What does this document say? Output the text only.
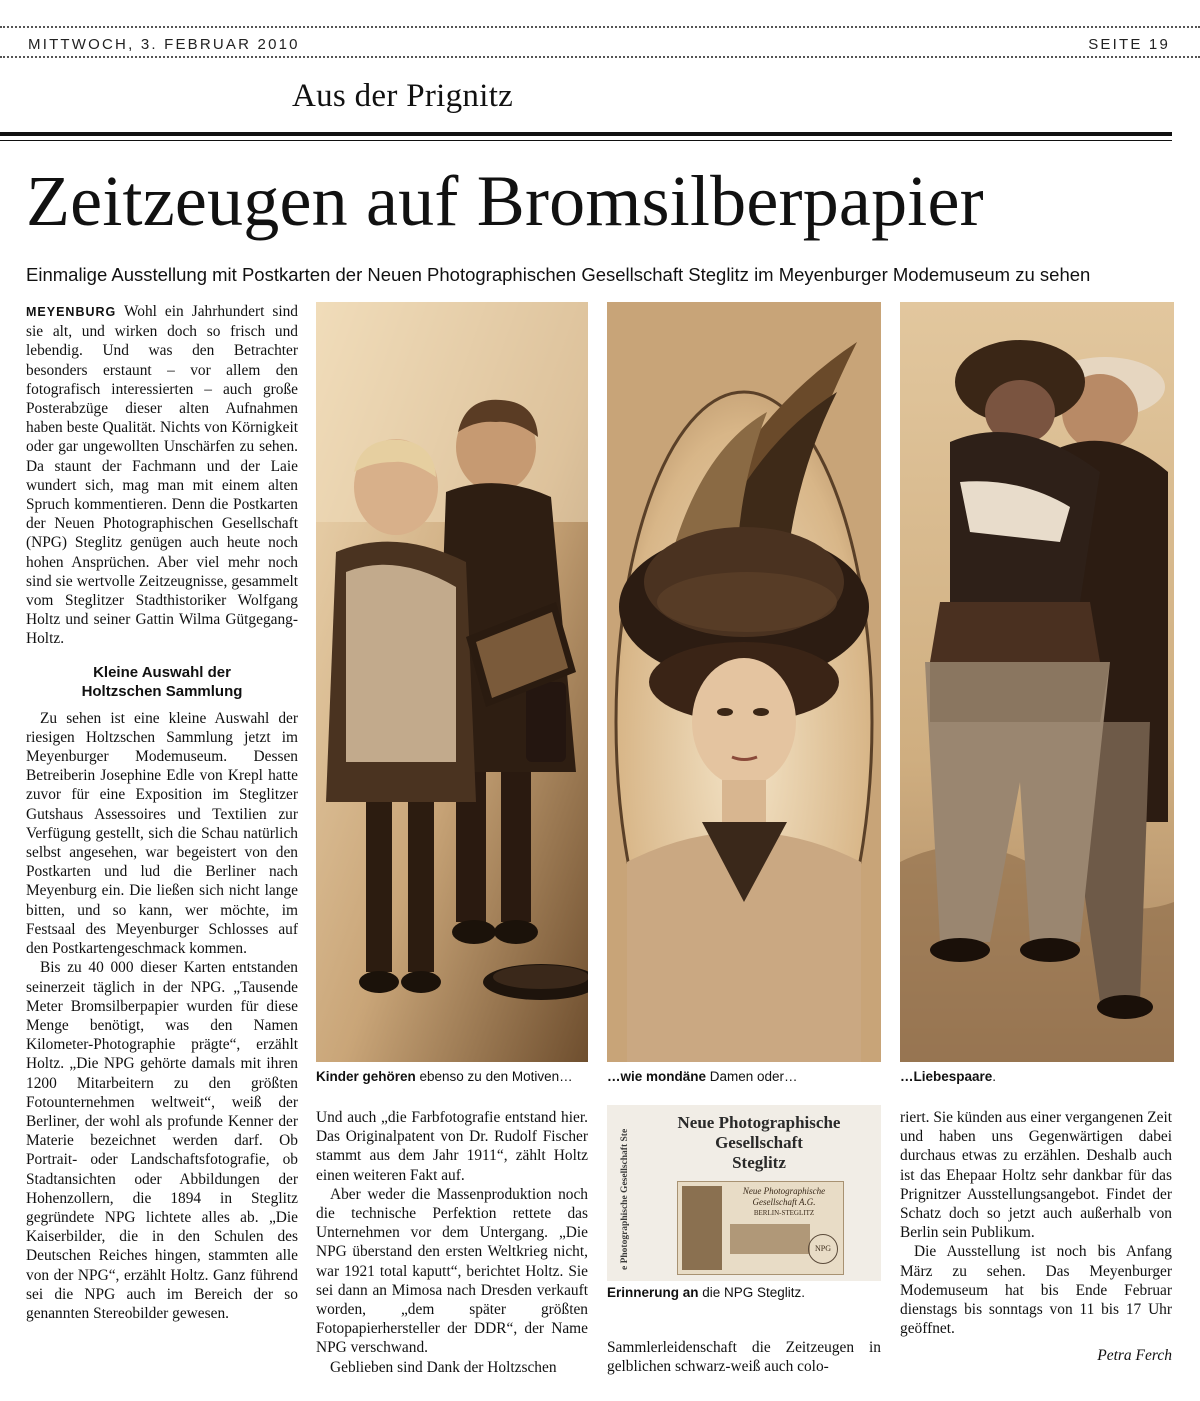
MITTWOCH, 3. FEBRUAR 2010	SEITE 19
Aus der Prignitz
Zeitzeugen auf Bromsilberpapier
Einmalige Ausstellung mit Postkarten der Neuen Photographischen Gesellschaft Steglitz im Meyenburger Modemuseum zu sehen

MEYENBURG Wohl ein Jahrhundert sind sie alt, und wirken doch so frisch und lebendig. Und was den Betrachter besonders erstaunt – vor allem den fotografisch interessierten – auch große Posterabzüge dieser alten Aufnahmen haben beste Qualität. Nichts von Körnigkeit oder gar ungewollten Unschärfen zu sehen. Da staunt der Fachmann und der Laie wundert sich, mag man mit einem alten Spruch kommentieren. Denn die Postkarten der Neuen Photographischen Gesellschaft (NPG) Steglitz genügen auch heute noch hohen Ansprüchen. Aber viel mehr noch sind sie wertvolle Zeitzeugnisse, gesammelt vom Steglitzer Stadthistoriker Wolfgang Holtz und seiner Gattin Wilma Gütgegang-Holtz.

Kleine Auswahl der
Holtzschen Sammlung

Zu sehen ist eine kleine Auswahl der riesigen Holtzschen Sammlung jetzt im Meyenburger Modemuseum. Dessen Betreiberin Josephine Edle von Krepl hatte zuvor für eine Exposition im Steglitzer Gutshaus Assessoires und Textilien zur Verfügung gestellt, sich die Schau natürlich selbst angesehen, war begeistert von den Postkarten und lud die Berliner nach Meyenburg ein. Die ließen sich nicht lange bitten, und so kann, wer möchte, im Festsaal des Meyenburger Schlosses auf den Postkartengeschmack kommen.

Bis zu 40 000 dieser Karten entstanden seinerzeit täglich in der NPG. „Tausende Meter Bromsilberpapier wurden für diese Menge benötigt, was den Namen Kilometer-Photographie prägte“, erzählt Holtz. „Die NPG gehörte damals mit ihren 1200 Mitarbeitern zu den größten Fotounternehmen weltweit“, weiß der Berliner, der wohl als profunde Kenner der Materie bezeichnet werden darf. Ob Portrait- oder Landschaftsfotografie, ob Stadtansichten oder Abbildungen der Hohenzollern, die 1894 in Steglitz gegründete NPG lichtete alles ab. „Die Kaiserbilder, die in den Schulen des Deutschen Reiches hingen, stammten alle von der NPG“, erzählt Holtz. Ganz führend sei die NPG auch im Bereich der so genannten Stereobilder gewesen.

Kinder gehören ebenso zu den Motiven…	…wie mondäne Damen oder…	…Liebespaare.

Und auch „die Farbfotografie entstand hier. Das Originalpatent von Dr. Rudolf Fischer stammt aus dem Jahr 1911“, zählt Holtz einen weiteren Fakt auf.

Aber weder die Massenproduktion noch die technische Perfektion rettete das Unternehmen vor dem Untergang. „Die NPG überstand den ersten Weltkrieg nicht, war 1921 total kaputt“, berichtet Holtz. Sie sei dann an Mimosa nach Dresden verkauft worden, „dem später größten Fotopapierhersteller der DDR“, der Name NPG verschwand.

Geblieben sind Dank der Holtzschen

e Photographische Gesellschaft Ste
Neue Photographische
Gesellschaft
Steglitz
Neue Photographische
Gesellschaft A.G.
BERLIN-STEGLITZ
NPG
Erinnerung an die NPG Steglitz.

Sammlerleidenschaft die Zeitzeugen in gelblichen schwarz-weiß auch colo-

riert. Sie künden aus einer vergangenen Zeit und haben uns Gegenwärtigen dabei durchaus etwas zu erzählen. Deshalb auch ist das Ehepaar Holtz sehr dankbar für das Prignitzer Ausstellungsangebot. Findet der Schatz doch so jetzt auch außerhalb von Berlin sein Publikum.

Die Ausstellung ist noch bis Anfang März zu sehen. Das Meyenburger Modemuseum hat bis Ende Februar dienstags bis sonntags von 11 bis 17 Uhr geöffnet.

Petra Ferch
